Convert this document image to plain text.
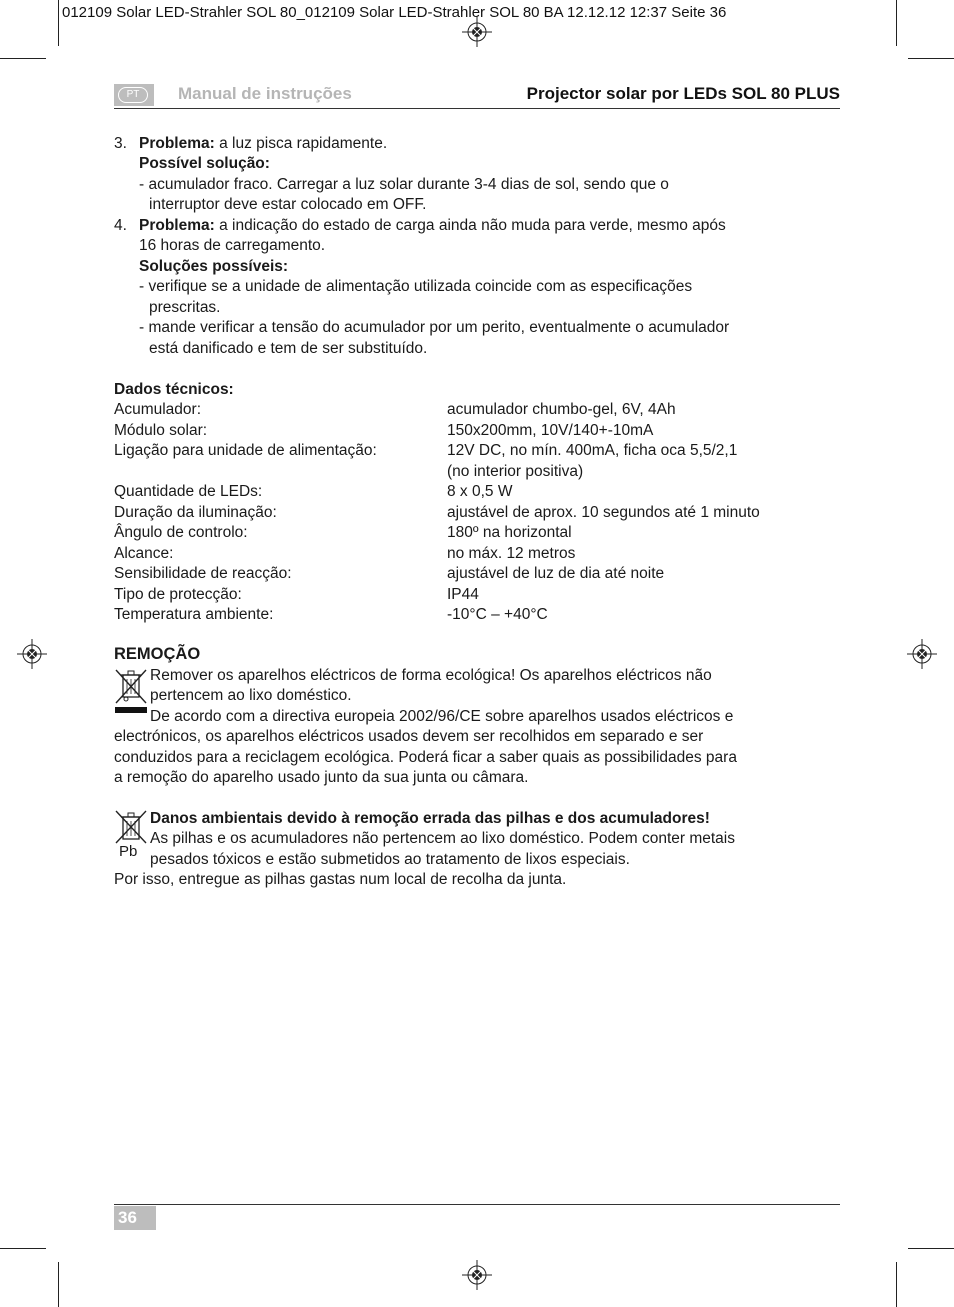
012109 Solar LED-Strahler SOL 80_012109 Solar LED-Strahler SOL 80 BA 12.12.12 12:37 Seite 36
PT	Manual de instruções	Projector solar por LEDs SOL 80 PLUS
3. Problema: a luz pisca rapidamente.
Possível solução:
- acumulador fraco. Carregar a luz solar durante 3-4 dias de sol, sendo que o
interruptor deve estar colocado em OFF.
4. Problema: a indicação do estado de carga ainda não muda para verde, mesmo após
16 horas de carregamento.
Soluções possíveis:
- verifique se a unidade de alimentação utilizada coincide com as especificações
prescritas.
- mande verificar a tensão do acumulador por um perito, eventualmente o acumulador
está danificado e tem de ser substituído.
Dados técnicos:
Acumulador:	acumulador chumbo-gel, 6V, 4Ah
Módulo solar:	150x200mm, 10V/140+-10mA
Ligação para unidade de alimentação:	12V DC, no mín. 400mA, ficha oca 5,5/2,1
(no interior positiva)
Quantidade de LEDs:	8 x 0,5 W
Duração da iluminação:	ajustável de aprox. 10 segundos até 1 minuto
Ângulo de controlo:	180º na horizontal
Alcance:	no máx. 12 metros
Sensibilidade de reacção:	ajustável de luz de dia até noite
Tipo de protecção:	IP44
Temperatura ambiente:	-10°C – +40°C
REMOÇÃO
Remover os aparelhos eléctricos de forma ecológica! Os aparelhos eléctricos não
pertencem ao lixo doméstico.
De acordo com a directiva europeia 2002/96/CE sobre aparelhos usados eléctricos e
electrónicos, os aparelhos eléctricos usados devem ser recolhidos em separado e ser
conduzidos para a reciclagem ecológica. Poderá ficar a saber quais as possibilidades para
a remoção do aparelho usado junto da sua junta ou câmara.
Pb
Danos ambientais devido à remoção errada das pilhas e dos acumuladores!
As pilhas e os acumuladores não pertencem ao lixo doméstico. Podem conter metais
pesados tóxicos e estão submetidos ao tratamento de lixos especiais.
Por isso, entregue as pilhas gastas num local de recolha da junta.
36
